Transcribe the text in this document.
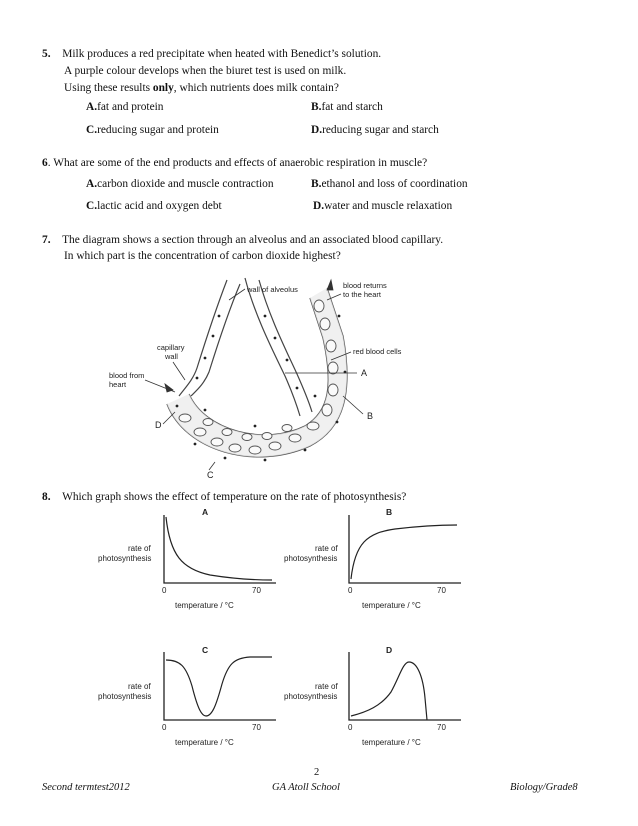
5. Milk produces a red precipitate when heated with Benedict’s solution.
A purple colour develops when the biuret test is used on milk.
Using these results only, which nutrients does milk contain?
A.fat and protein	B.fat and starch
C.reducing sugar and protein	D.reducing sugar and starch
6. What are some of the end products and effects of anaerobic respiration in muscle?
A.carbon dioxide and muscle contraction	B.ethanol and loss of coordination
C.lactic acid and oxygen debt	D.water and muscle relaxation
7. The diagram shows a section through an alveolus and an associated blood capillary.
In which part is the concentration of carbon dioxide highest?
wall of alveolus	blood returns
to the heart
capillary
wall
red blood cells
blood from
heart
A
B
C
D
8. Which graph shows the effect of temperature on the rate of photosynthesis?
A
rate of
photosynthesis
0	70
temperature / °C
B
rate of
photosynthesis
0	70
temperature / °C
C
rate of
photosynthesis
0	70
temperature / °C
D
rate of
photosynthesis
0	70
temperature / °C
2
Second termtest2012	GA Atoll School	Biology/Grade8
